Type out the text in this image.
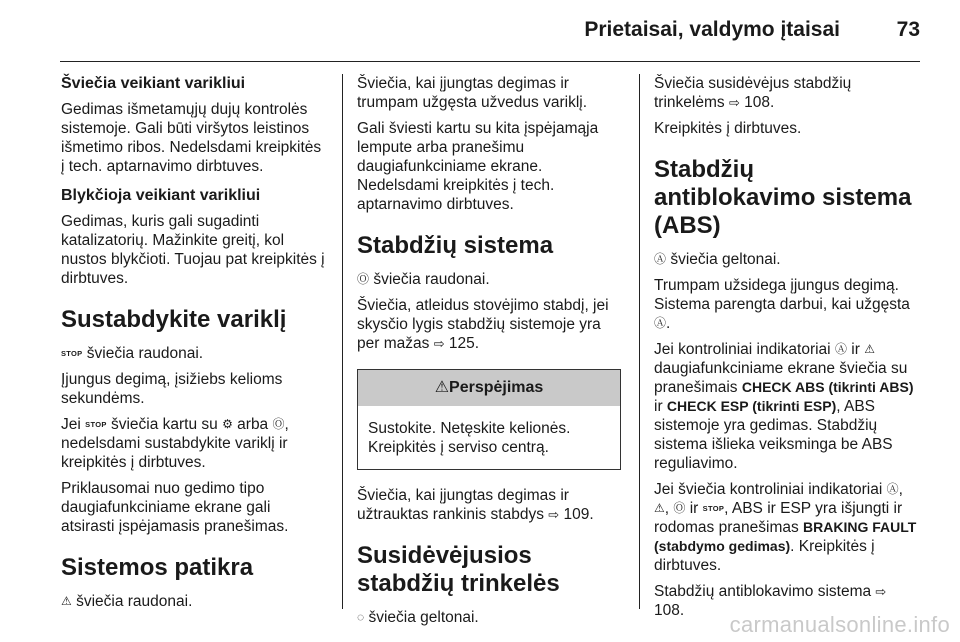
Prietaisai, valdymo įtaisai	73

Šviečia veikiant varikliui

Gedimas išmetamųjų dujų kontrolės sistemoje. Gali būti viršytos leistinos išmetimo ribos. Nedelsdami kreipkitės į tech. aptarnavimo dirbtuves.

Blykčioja veikiant varikliui

Gedimas, kuris gali sugadinti katalizatorių. Mažinkite greitį, kol nustos blykčioti. Tuojau pat kreipkitės į dirbtuves.

Sustabdykite variklį

STOP šviečia raudonai.

Įjungus degimą, įsižiebs kelioms sekundėms.

Jei STOP šviečia kartu su ⚙ arba Ⓞ, nedelsdami sustabdykite variklį ir kreipkitės į dirbtuves.

Priklausomai nuo gedimo tipo daugiafunkciniame ekrane gali atsirasti įspėjamasis pranešimas.

Sistemos patikra

⚠ šviečia raudonai.

Šviečia, kai įjungtas degimas ir trumpam užgęsta užvedus variklį.

Gali šviesti kartu su kita įspėjamąja lempute arba pranešimu daugiafunkciniame ekrane. Nedelsdami kreipkitės į tech. aptarnavimo dirbtuves.

Stabdžių sistema

Ⓞ šviečia raudonai.

Šviečia, atleidus stovėjimo stabdį, jei skysčio lygis stabdžių sistemoje yra per mažas ⇨ 125.

⚠Perspėjimas
Sustokite. Netęskite kelionės. Kreipkitės į serviso centrą.

Šviečia, kai įjungtas degimas ir užtrauktas rankinis stabdys ⇨ 109.

Susidėvėjusios stabdžių trinkelės

◌ šviečia geltonai.

Šviečia susidėvėjus stabdžių trinkelėms ⇨ 108.

Kreipkitės į dirbtuves.

Stabdžių antiblokavimo sistema (ABS)

Ⓐ šviečia geltonai.

Trumpam užsidega įjungus degimą. Sistema parengta darbui, kai užgęsta Ⓐ.

Jei kontroliniai indikatoriai Ⓐ ir ⚠ daugiafunkciniame ekrane šviečia su pranešimais CHECK ABS (tikrinti ABS) ir CHECK ESP (tikrinti ESP), ABS sistemoje yra gedimas. Stabdžių sistema išlieka veiksminga be ABS reguliavimo.

Jei šviečia kontroliniai indikatoriai Ⓐ, ⚠, Ⓞ ir STOP, ABS ir ESP yra išjungti ir rodomas pranešimas BRAKING FAULT (stabdymo gedimas). Kreipkitės į dirbtuves.

Stabdžių antiblokavimo sistema ⇨ 108.

carmanualsonline.info
